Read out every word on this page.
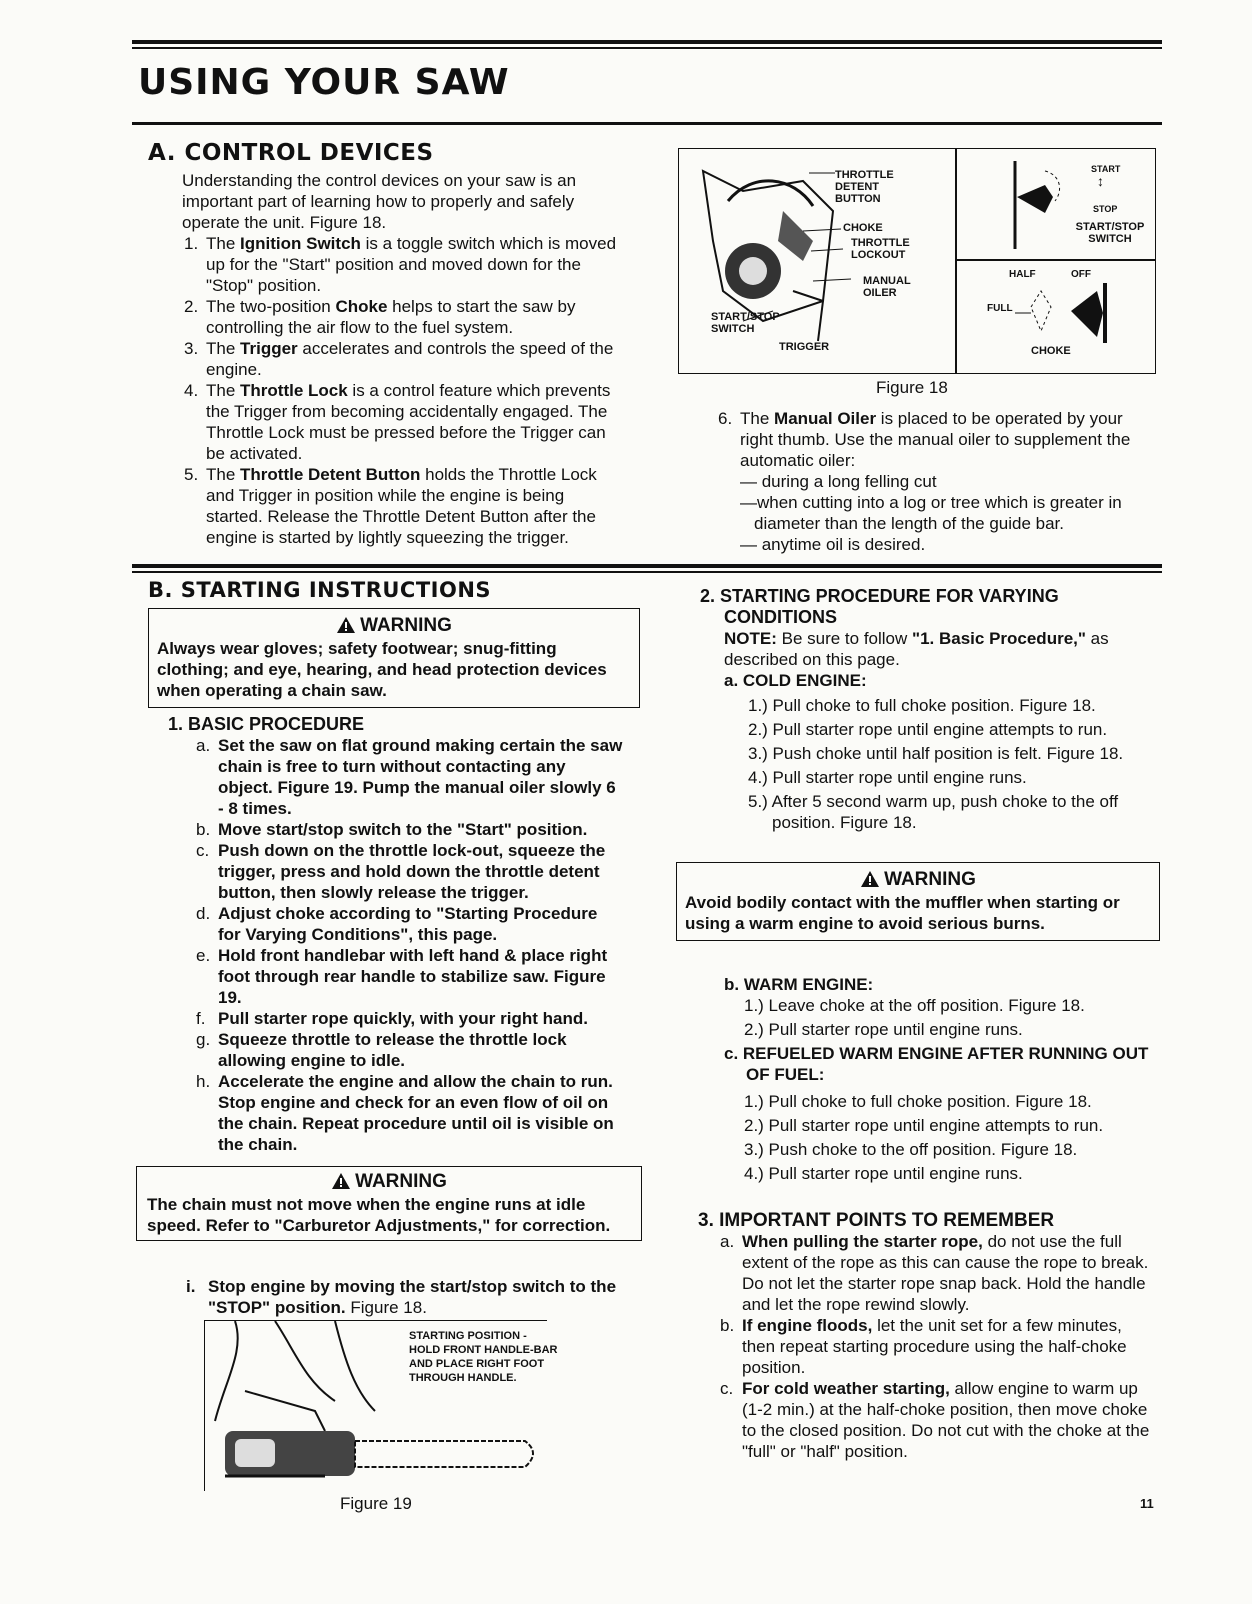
USING YOUR SAW
A. CONTROL DEVICES

Understanding the control devices on your saw is an important part of learning how to properly and safely operate the unit. Figure 18.

1. The Ignition Switch is a toggle switch which is moved up for the "Start" position and moved down for the "Stop" position.
2. The two-position Choke helps to start the saw by controlling the air flow to the fuel system.
3. The Trigger accelerates and controls the speed of the engine.
4. The Throttle Lock is a control feature which prevents the Trigger from becoming accidentally engaged. The Throttle Lock must be pressed before the Trigger can be activated.
5. The Throttle Detent Button holds the Throttle Lock and Trigger in position while the engine is being started. Release the Throttle Detent Button after the engine is started by lightly squeezing the trigger.
THROTTLE DETENT BUTTON
CHOKE
THROTTLE LOCKOUT
MANUAL OILER
START/STOP SWITCH
TRIGGER
START
↕
STOP
START/STOP SWITCH
HALF	OFF
FULL
CHOKE
Figure 18
6. The Manual Oiler is placed to be operated by your right thumb. Use the manual oiler to supplement the automatic oiler:
— during a long felling cut
—when cutting into a log or tree which is greater in diameter than the length of the guide bar.
— anytime oil is desired.
B. STARTING INSTRUCTIONS
WARNING
Always wear gloves; safety footwear; snug-fitting clothing; and eye, hearing, and head protection devices when operating a chain saw.
1. BASIC PROCEDURE
a. Set the saw on flat ground making certain the saw chain is free to turn without contacting any object. Figure 19. Pump the manual oiler slowly 6 - 8 times.
b. Move start/stop switch to the "Start" position.
c. Push down on the throttle lock-out, squeeze the trigger, press and hold down the throttle detent button, then slowly release the trigger.
d. Adjust choke according to "Starting Procedure for Varying Conditions", this page.
e. Hold front handlebar with left hand & place right foot through rear handle to stabilize saw. Figure 19.
f. Pull starter rope quickly, with your right hand.
g. Squeeze throttle to release the throttle lock allowing engine to idle.
h. Accelerate the engine and allow the chain to run. Stop engine and check for an even flow of oil on the chain. Repeat procedure until oil is visible on the chain.
WARNING
The chain must not move when the engine runs at idle speed. Refer to "Carburetor Adjustments," for correction.
i. Stop engine by moving the start/stop switch to the "STOP" position. Figure 18.
STARTING POSITION - HOLD FRONT HANDLE-BAR AND PLACE RIGHT FOOT THROUGH HANDLE.
Figure 19
2. STARTING PROCEDURE FOR VARYING CONDITIONS

NOTE: Be sure to follow "1. Basic Procedure," as described on this page.

a. COLD ENGINE:
1.) Pull choke to full choke position. Figure 18.
2.) Pull starter rope until engine attempts to run.
3.) Push choke until half position is felt. Figure 18.
4.) Pull starter rope until engine runs.
5.) After 5 second warm up, push choke to the off position. Figure 18.
WARNING
Avoid bodily contact with the muffler when starting or using a warm engine to avoid serious burns.
b. WARM ENGINE:
1.) Leave choke at the off position. Figure 18.
2.) Pull starter rope until engine runs.
c. REFUELED WARM ENGINE AFTER RUNNING OUT OF FUEL:
1.) Pull choke to full choke position. Figure 18.
2.) Pull starter rope until engine attempts to run.
3.) Push choke to the off position. Figure 18.
4.) Pull starter rope until engine runs.
3. IMPORTANT POINTS TO REMEMBER
a. When pulling the starter rope, do not use the full extent of the rope as this can cause the rope to break. Do not let the starter rope snap back. Hold the handle and let the rope rewind slowly.
b. If engine floods, let the unit set for a few minutes, then repeat starting procedure using the half-choke position.
c. For cold weather starting, allow engine to warm up (1-2 min.) at the half-choke position, then move choke to the closed position. Do not cut with the choke at the "full" or "half" position.
11
